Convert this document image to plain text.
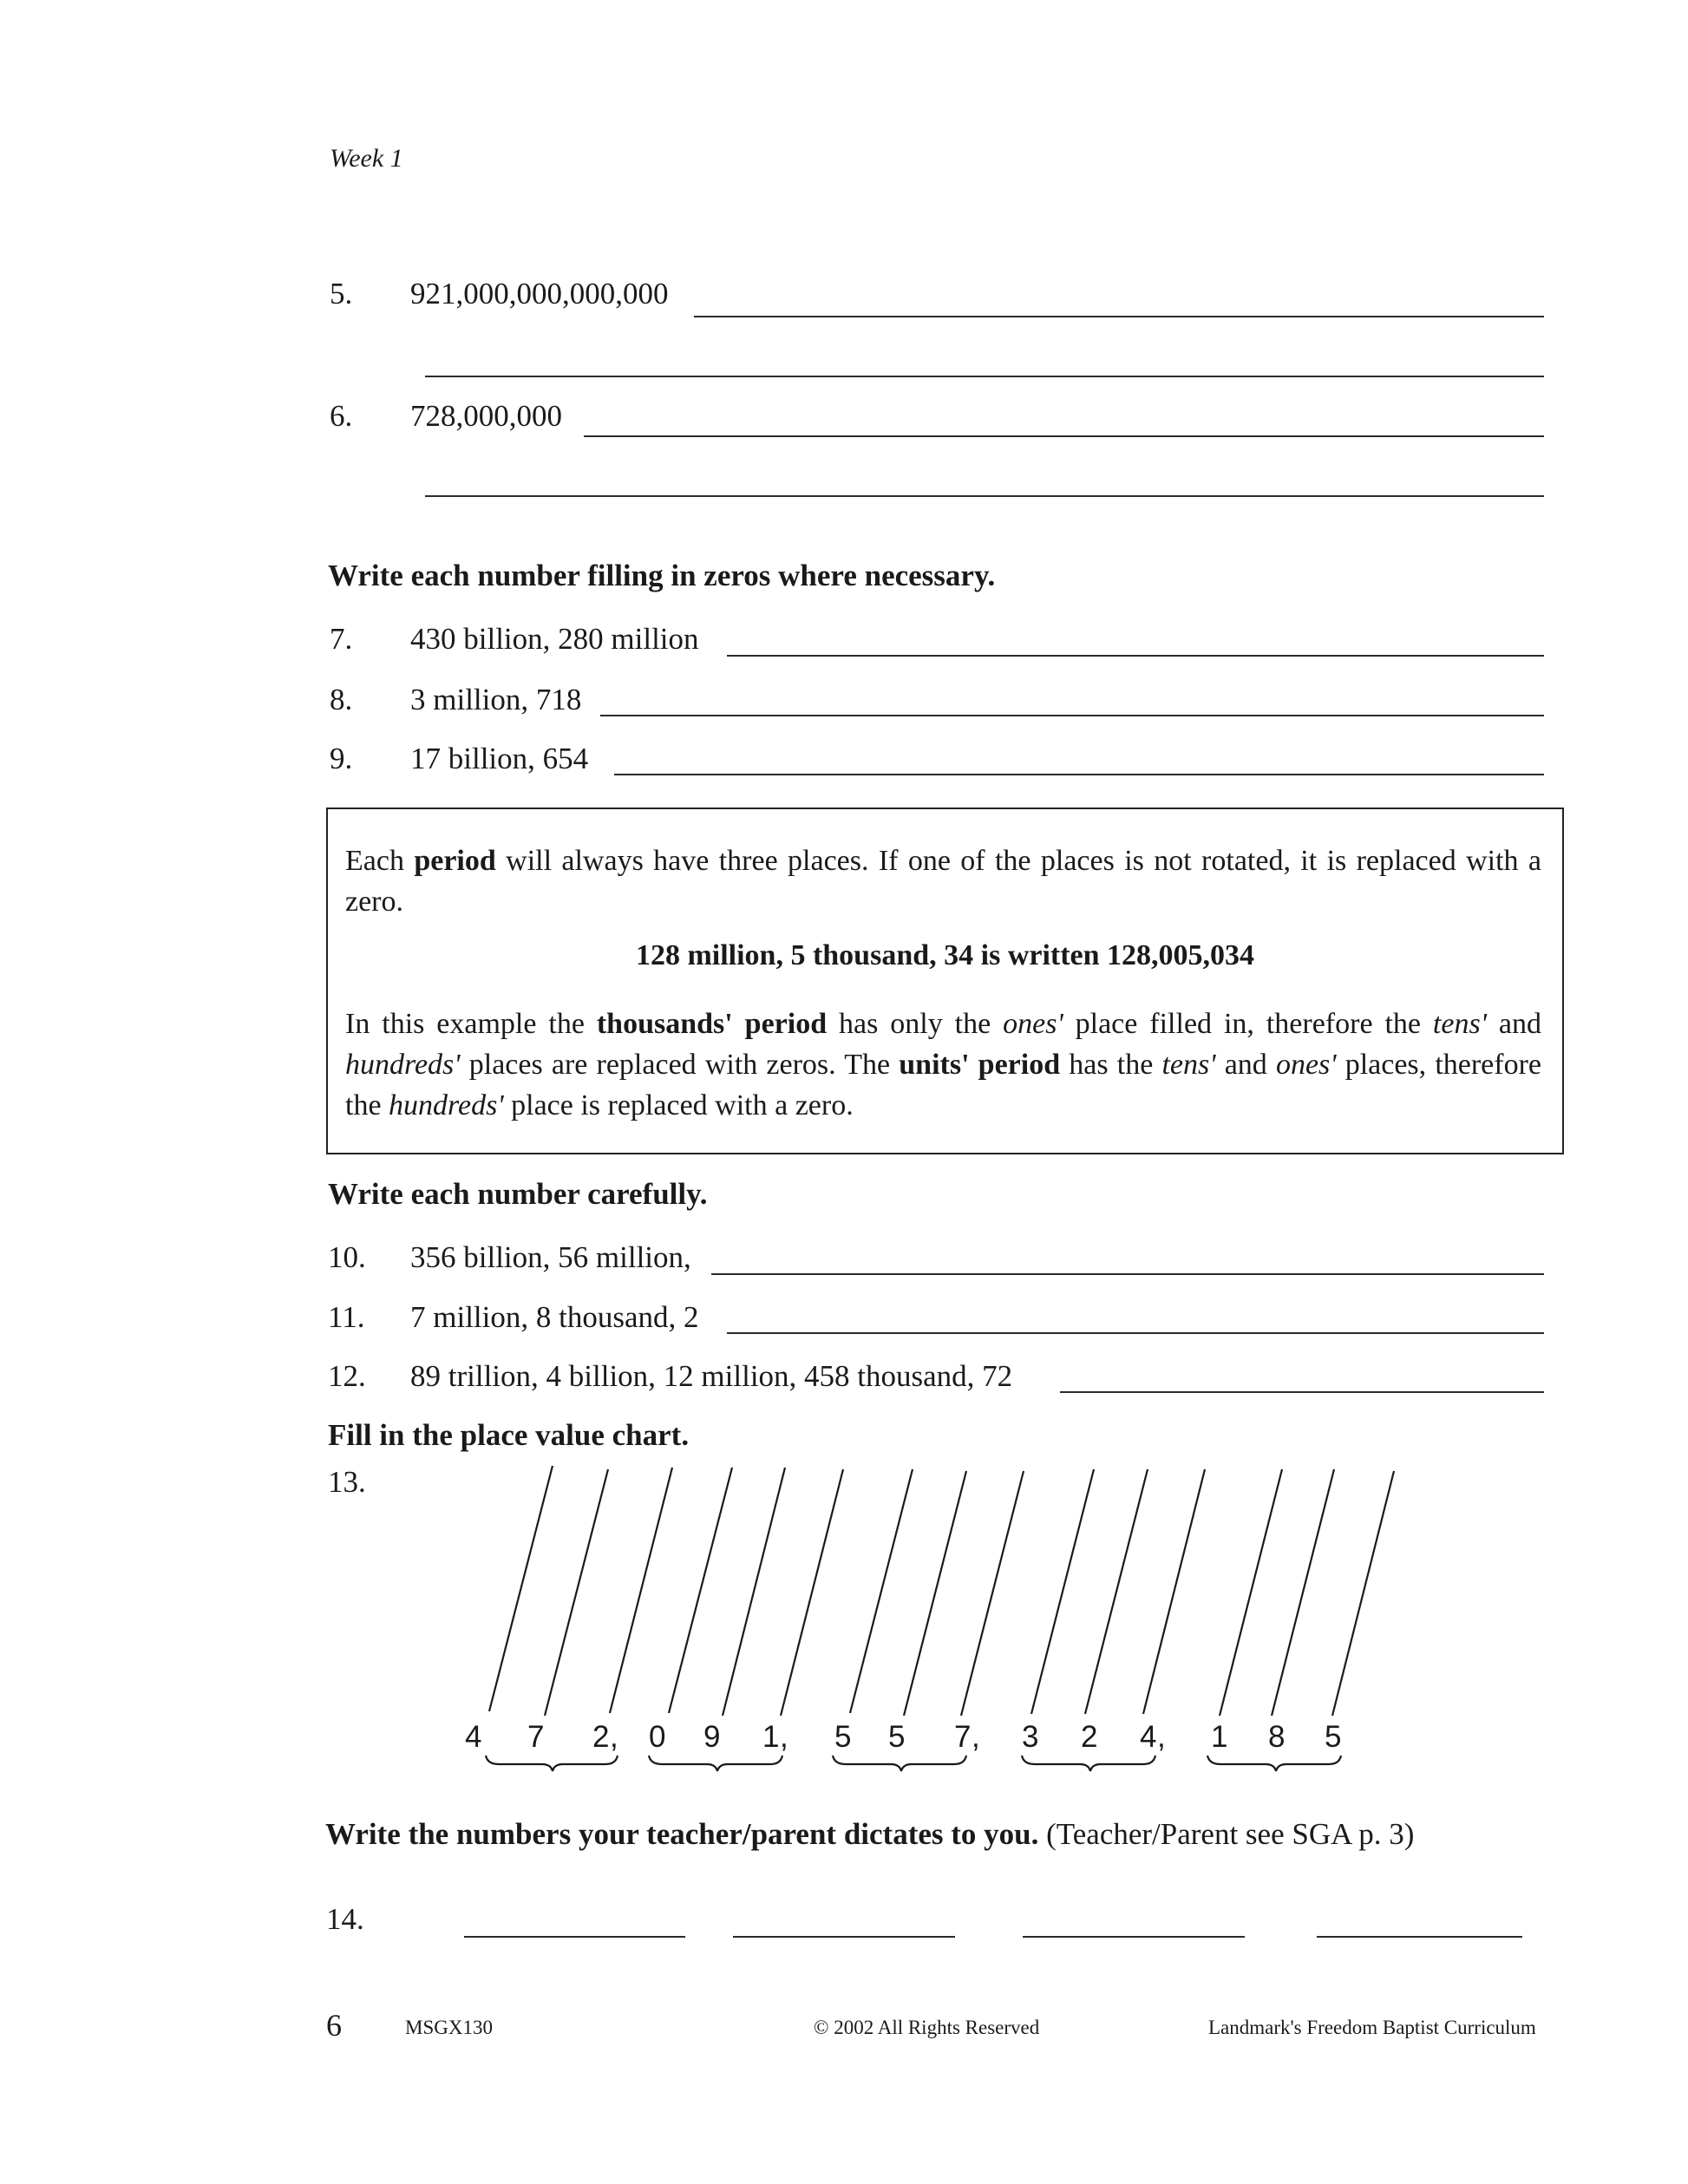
Week 1
5. 921,000,000,000,000
6. 728,000,000
Write each number filling in zeros where necessary.
7. 430 billion, 280 million
8. 3 million, 718
9. 17 billion, 654
Each period will always have three places. If one of the places is not rotated, it is replaced with a zero.
128 million, 5 thousand, 34 is written 128,005,034
In this example the thousands' period has only the ones' place filled in, therefore the tens' and hundreds' places are replaced with zeros. The units' period has the tens' and ones' places, therefore the hundreds' place is replaced with a zero.
Write each number carefully.
10. 356 billion, 56 million,
11. 7 million, 8 thousand, 2
12. 89 trillion, 4 billion, 12 million, 458 thousand, 72
Fill in the place value chart.
13.
4 7 2 , 0 9 1 , 5 5 7 , 3 2 4 , 1 8 5
Write the numbers your teacher/parent dictates to you. (Teacher/Parent see SGA p. 3)
14.
6	MSGX130	© 2002 All Rights Reserved	Landmark's Freedom Baptist Curriculum
